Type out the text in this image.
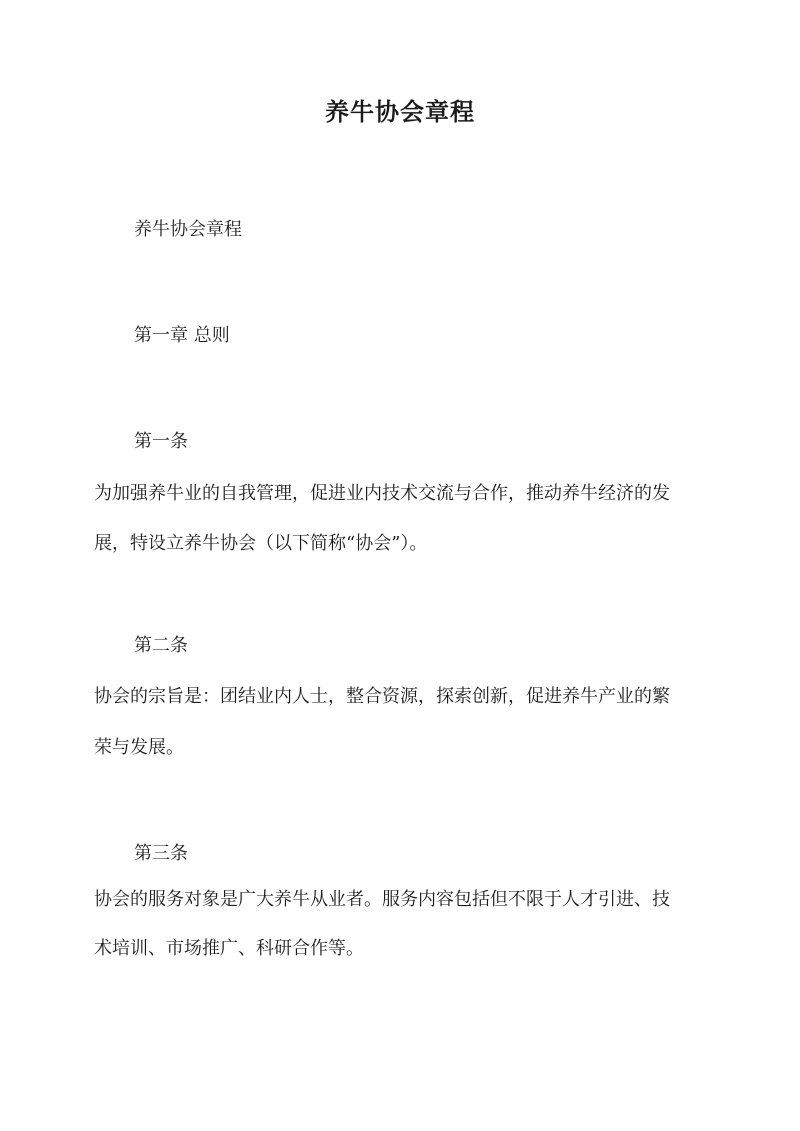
养牛协会章程

养牛协会章程

第一章 总则

第一条

为加强养牛业的自我管理，促进业内技术交流与合作，推动养牛经济的发

展，特设立养牛协会（以下简称“协会”）。

第二条

协会的宗旨是：团结业内人士，整合资源，探索创新，促进养牛产业的繁

荣与发展。

第三条

协会的服务对象是广大养牛从业者。服务内容包括但不限于人才引进、技

术培训、市场推广、科研合作等。
